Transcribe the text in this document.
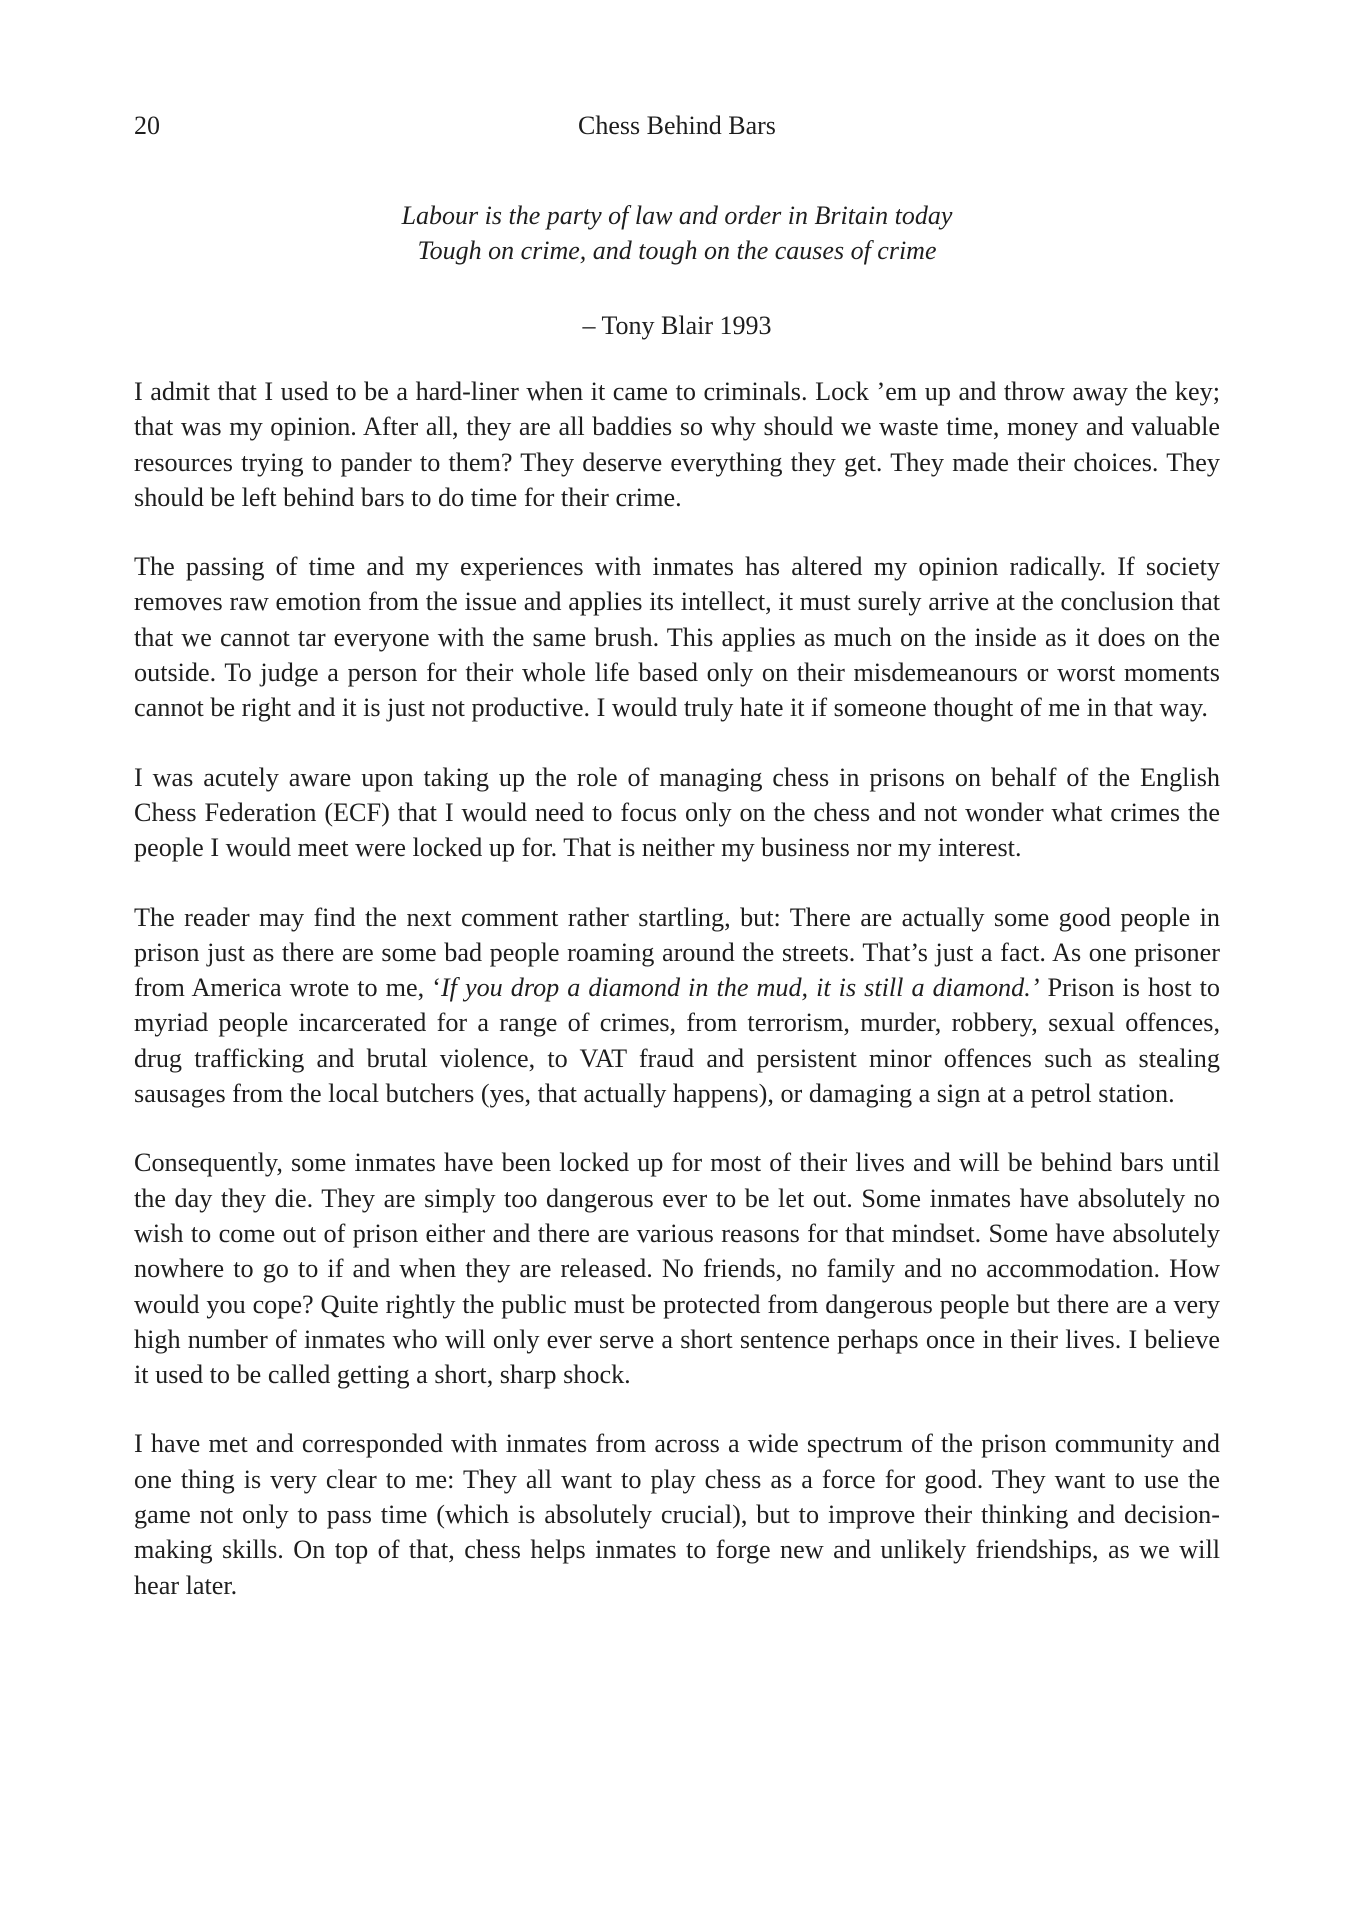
20	Chess Behind Bars
Labour is the party of law and order in Britain today
Tough on crime, and tough on the causes of crime
– Tony Blair 1993

I admit that I used to be a hard-liner when it came to criminals. Lock ’em up and throw away the key; that was my opinion. After all, they are all baddies so why should we waste time, money and valuable resources trying to pander to them? They deserve everything they get. They made their choices. They should be left behind bars to do time for their crime.

The passing of time and my experiences with inmates has altered my opinion radically. If society removes raw emotion from the issue and applies its intellect, it must surely arrive at the conclusion that that we cannot tar everyone with the same brush. This applies as much on the inside as it does on the outside. To judge a person for their whole life based only on their misdemeanours or worst moments cannot be right and it is just not productive. I would truly hate it if someone thought of me in that way.

I was acutely aware upon taking up the role of managing chess in prisons on behalf of the English Chess Federation (ECF) that I would need to focus only on the chess and not wonder what crimes the people I would meet were locked up for. That is neither my business nor my interest.

The reader may find the next comment rather startling, but: There are actually some good people in prison just as there are some bad people roaming around the streets. That’s just a fact. As one prisoner from America wrote to me, ‘If you drop a diamond in the mud, it is still a diamond.’ Prison is host to myriad people incarcerated for a range of crimes, from terrorism, murder, robbery, sexual offences, drug trafficking and brutal violence, to VAT fraud and persistent minor offences such as stealing sausages from the local butchers (yes, that actually happens), or damaging a sign at a petrol station.

Consequently, some inmates have been locked up for most of their lives and will be behind bars until the day they die. They are simply too dangerous ever to be let out. Some inmates have absolutely no wish to come out of prison either and there are various reasons for that mindset. Some have absolutely nowhere to go to if and when they are released. No friends, no family and no accommodation. How would you cope? Quite rightly the public must be protected from dangerous people but there are a very high number of inmates who will only ever serve a short sentence perhaps once in their lives. I believe it used to be called getting a short, sharp shock.

I have met and corresponded with inmates from across a wide spectrum of the prison community and one thing is very clear to me: They all want to play chess as a force for good. They want to use the game not only to pass time (which is absolutely crucial), but to improve their thinking and decision-making skills. On top of that, chess helps inmates to forge new and unlikely friendships, as we will hear later.
